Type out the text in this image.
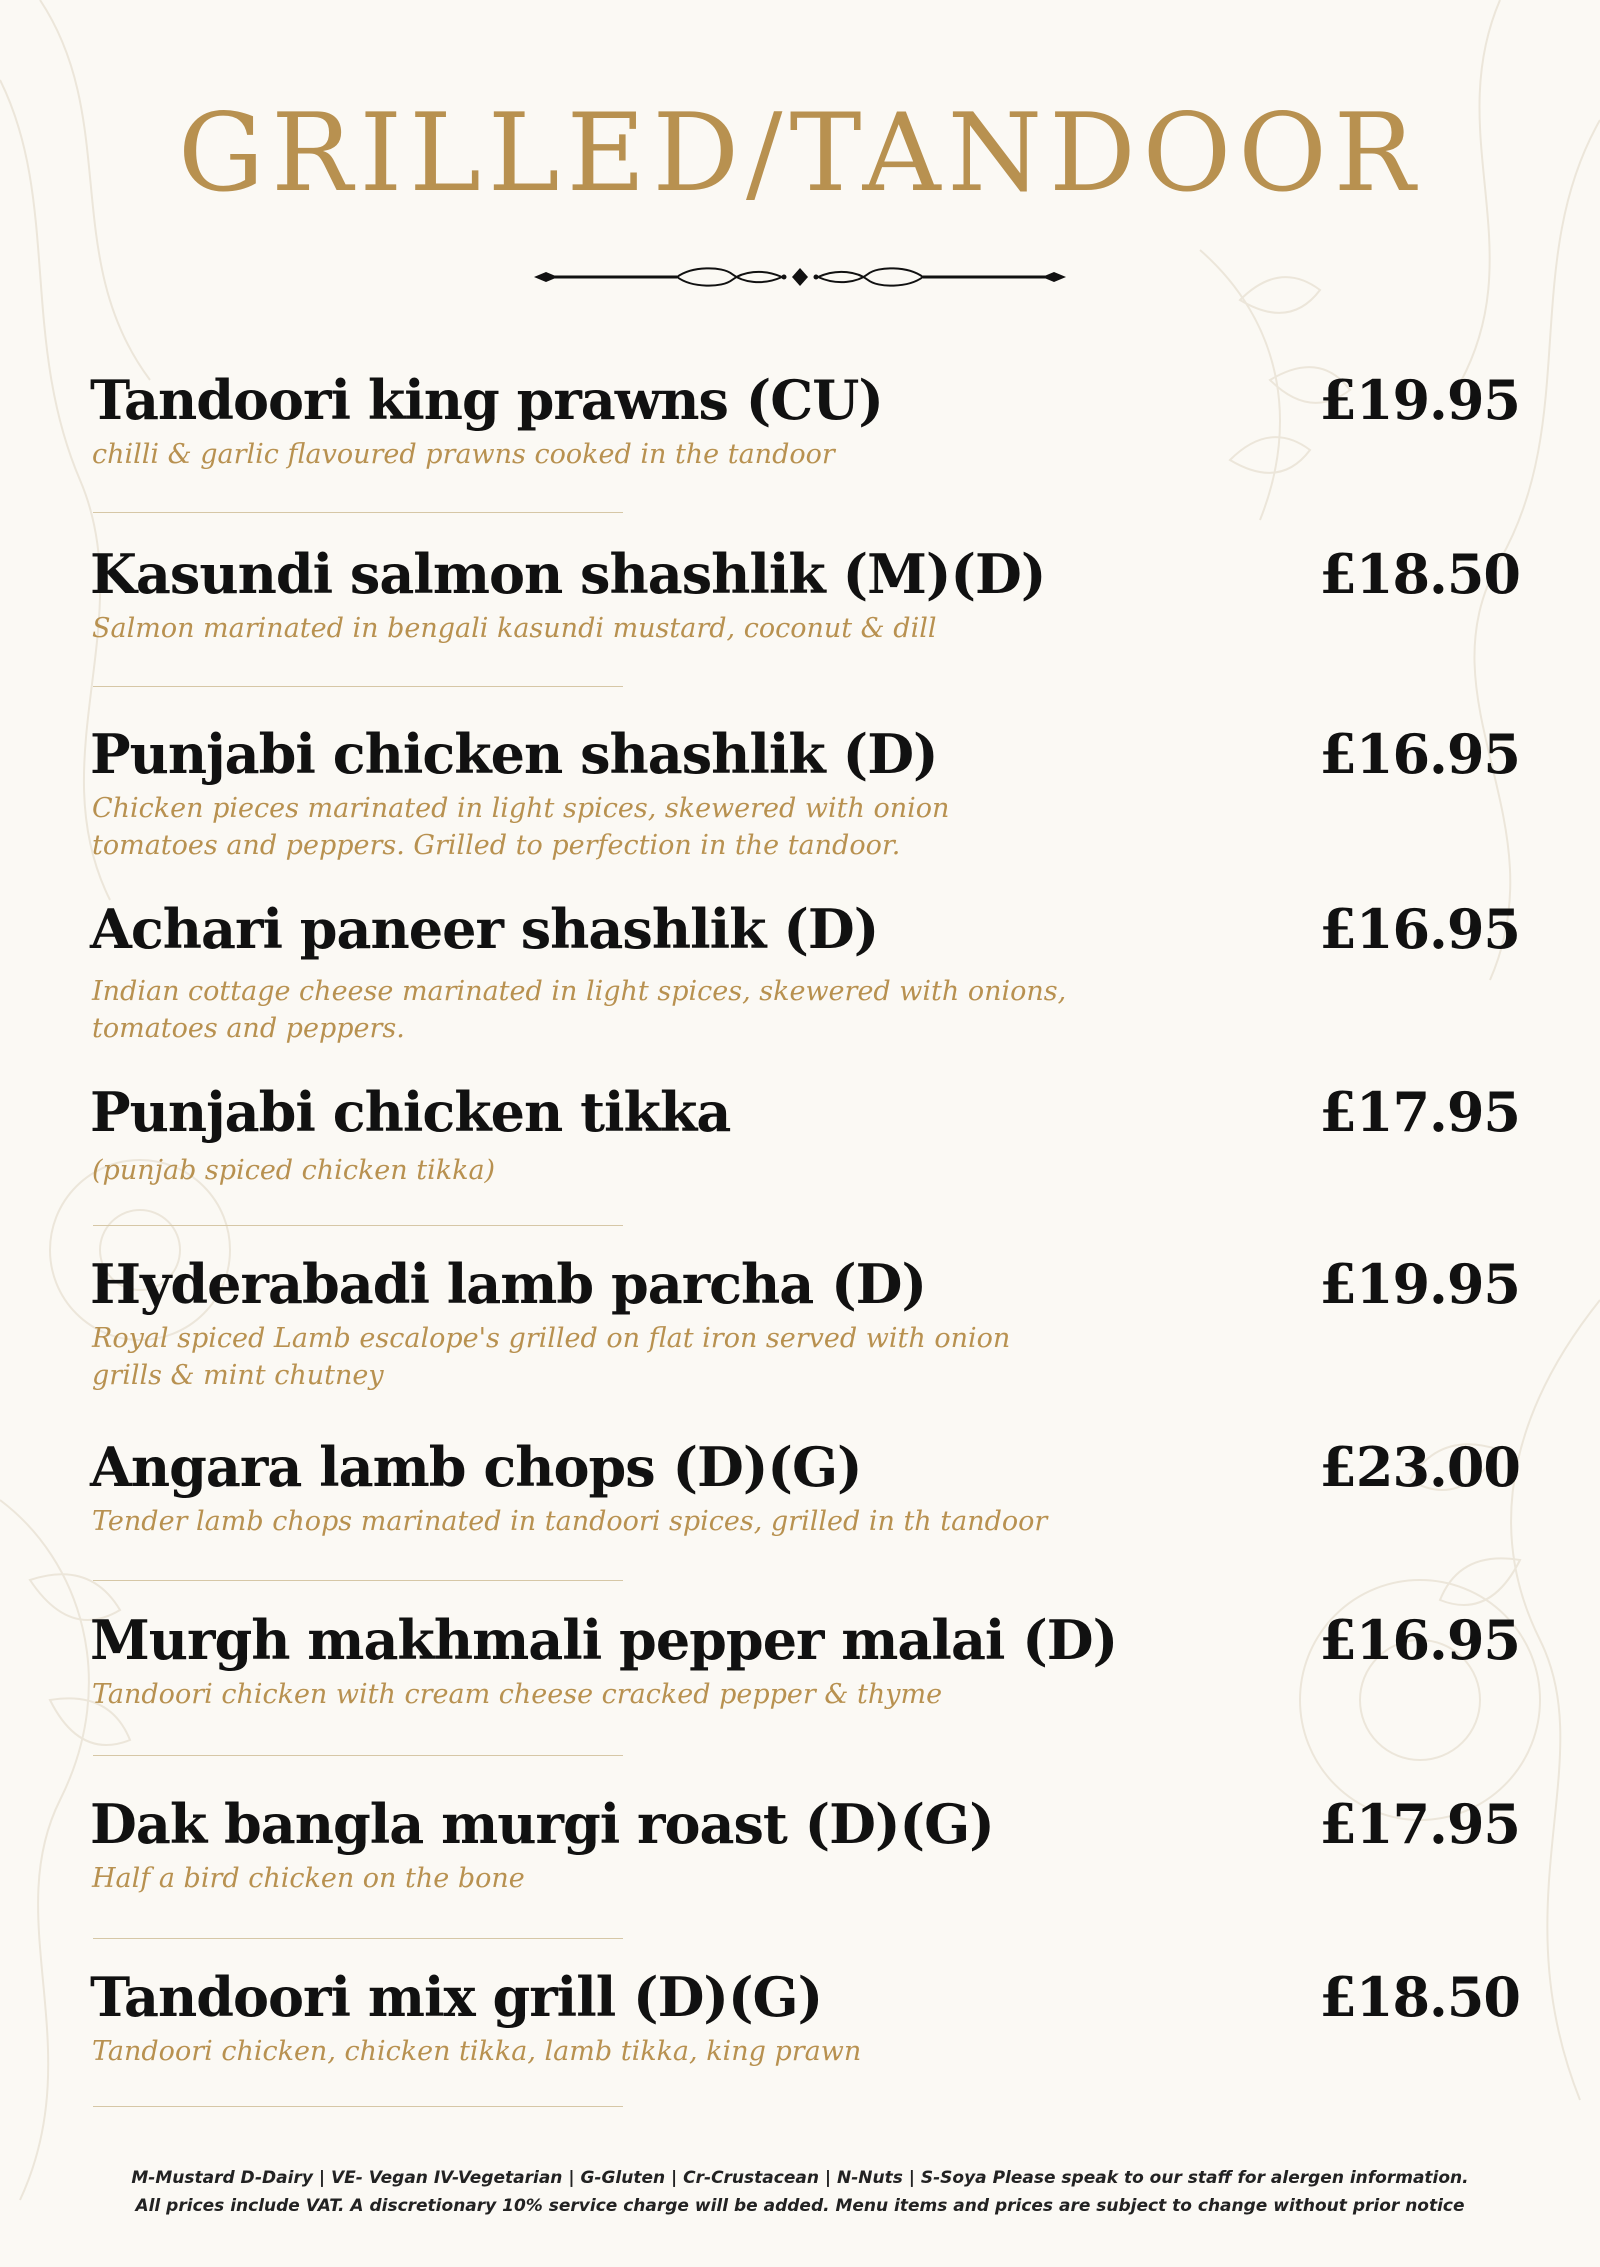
GRILLED/TANDOOR
Tandoori king prawns (CU)	£19.95
chilli & garlic flavoured prawns cooked in the tandoor
Kasundi salmon shashlik (M)(D)	£18.50
Salmon marinated in bengali kasundi mustard, coconut & dill
Punjabi chicken shashlik (D)	£16.95
Chicken pieces marinated in light spices, skewered with onion tomatoes and peppers. Grilled to perfection in the tandoor.
Achari paneer shashlik (D)	£16.95
Indian cottage cheese marinated in light spices, skewered with onions, tomatoes and peppers.
Punjabi chicken tikka	£17.95
(punjab spiced chicken tikka)
Hyderabadi lamb parcha (D)	£19.95
Royal spiced Lamb escalope's grilled on flat iron served with onion grills & mint chutney
Angara lamb chops (D)(G)	£23.00
Tender lamb chops marinated in tandoori spices, grilled in th tandoor
Murgh makhmali pepper malai (D)	£16.95
Tandoori chicken with cream cheese cracked pepper & thyme
Dak bangla murgi roast (D)(G)	£17.95
Half a bird chicken on the bone
Tandoori mix grill (D)(G)	£18.50
Tandoori chicken, chicken tikka, lamb tikka, king prawn
M-Mustard D-Dairy | VE- Vegan IV-Vegetarian | G-Gluten | Cr-Crustacean | N-Nuts | S-Soya Please speak to our staff for alergen information.
All prices include VAT. A discretionary 10% service charge will be added. Menu items and prices are subject to change without prior notice
